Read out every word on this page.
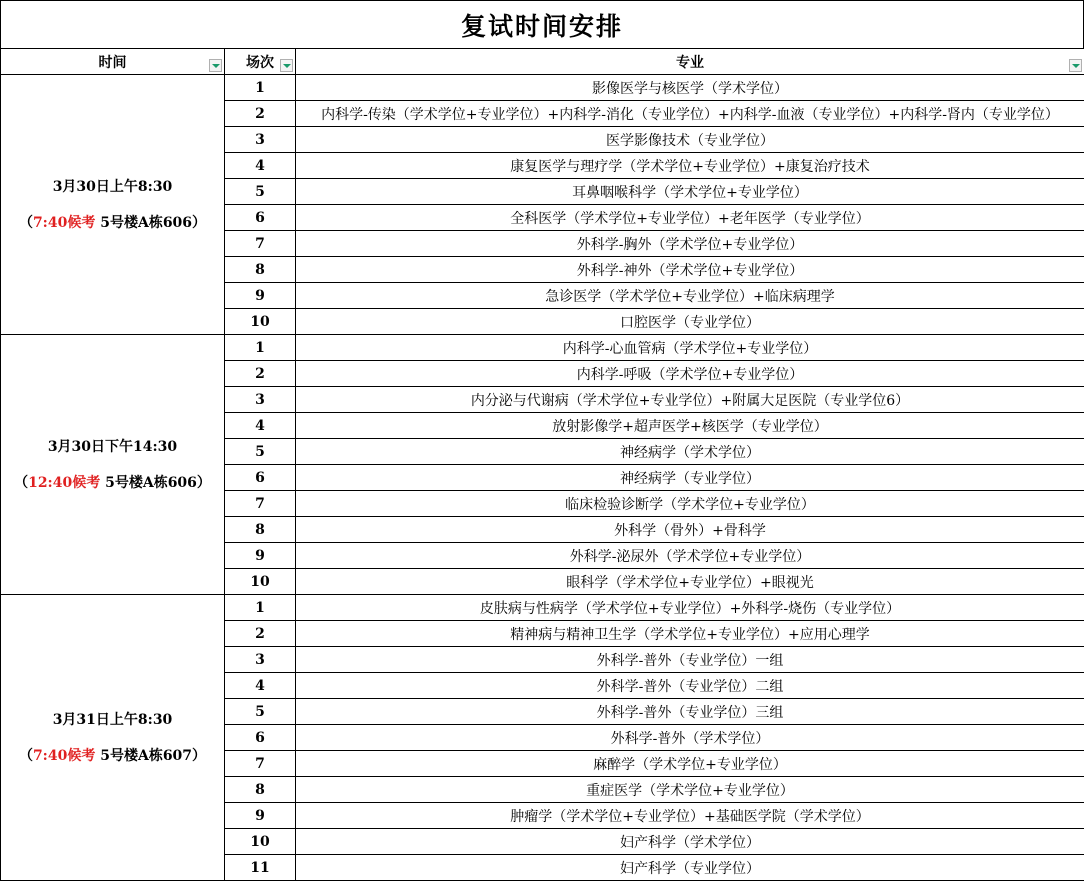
复试时间安排
时间	场次	专业

3月30日上午8:30
（7:40候考 5号楼A栋606）	1	影像医学与核医学（学术学位）
	2	内科学-传染（学术学位+专业学位）+内科学-消化（专业学位）+内科学-血液（专业学位）+内科学-肾内（专业学位）
	3	医学影像技术（专业学位）
	4	康复医学与理疗学（学术学位+专业学位）+康复治疗技术
	5	耳鼻咽喉科学（学术学位+专业学位）
	6	全科医学（学术学位+专业学位）+老年医学（专业学位）
	7	外科学-胸外（学术学位+专业学位）
	8	外科学-神外（学术学位+专业学位）
	9	急诊医学（学术学位+专业学位）+临床病理学
	10	口腔医学（专业学位）

3月30日下午14:30
（12:40候考 5号楼A栋606）	1	内科学-心血管病（学术学位+专业学位）
	2	内科学-呼吸（学术学位+专业学位）
	3	内分泌与代谢病（学术学位+专业学位）+附属大足医院（专业学位6）
	4	放射影像学+超声医学+核医学（专业学位）
	5	神经病学（学术学位）
	6	神经病学（专业学位）
	7	临床检验诊断学（学术学位+专业学位）
	8	外科学（骨外）+骨科学
	9	外科学-泌尿外（学术学位+专业学位）
	10	眼科学（学术学位+专业学位）+眼视光

3月31日上午8:30
（7:40候考 5号楼A栋607）	1	皮肤病与性病学（学术学位+专业学位）+外科学-烧伤（专业学位）
	2	精神病与精神卫生学（学术学位+专业学位）+应用心理学
	3	外科学-普外（专业学位）一组
	4	外科学-普外（专业学位）二组
	5	外科学-普外（专业学位）三组
	6	外科学-普外（学术学位）
	7	麻醉学（学术学位+专业学位）
	8	重症医学（学术学位+专业学位）
	9	肿瘤学（学术学位+专业学位）+基础医学院（学术学位）
	10	妇产科学（学术学位）
	11	妇产科学（专业学位）
